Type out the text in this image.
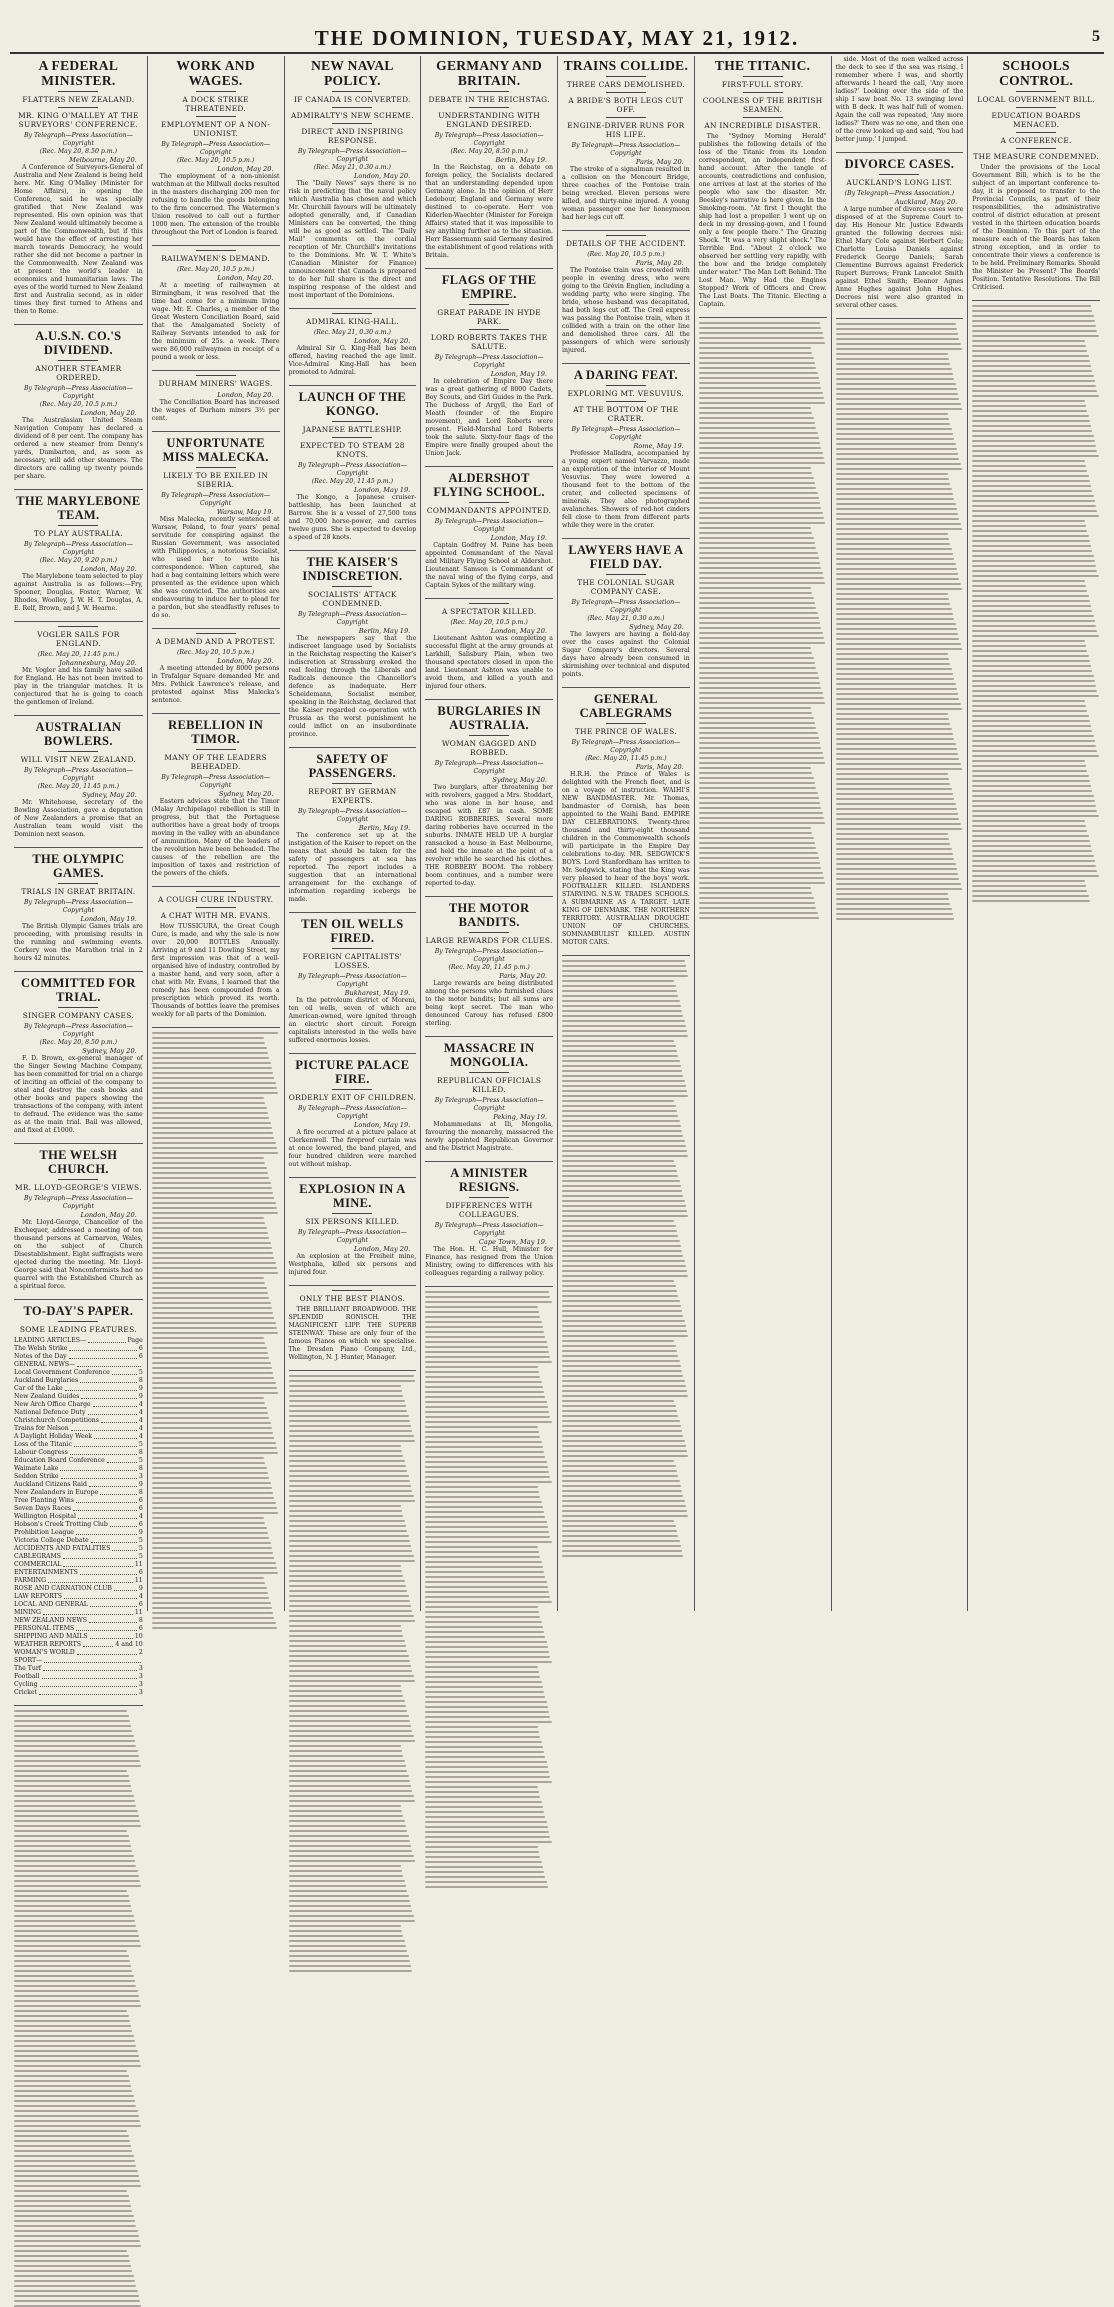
THE DOMINION, TUESDAY, MAY 21, 1912.	5
A FEDERAL MINISTER.
FLATTERS NEW ZEALAND.
MR. KING O'MALLEY AT THE SURVEYORS' CONFERENCE.
By Telegraph—Press Association—Copyright
(Rec. May 20, 8.50 p.m.)
Melbourne, May 20.

A Conference of Surveyors-General of Australia and New Zealand is being held here. Mr. King O'Malley (Minister for Home Affairs), in opening the Conference, said he was specially gratified that New Zealand was represented. His own opinion was that New Zealand would ultimately become a part of the Commonwealth, but if this would have the effect of arresting her march towards Democracy, he would rather she did not become a partner in the Commonwealth. New Zealand was at present the world's leader in economics and humanitarian laws. The eyes of the world turned to New Zealand first and Australia second, as in older times they first turned to Athens and then to Rome.

A.U.S.N. CO.'S DIVIDEND.
ANOTHER STEAMER ORDERED.
By Telegraph—Press Association—Copyright
(Rec. May 20, 10.5 p.m.)
London, May 20.

The Australasian United Steam Navigation Company has declared a dividend of 8 per cent. The company has ordered a new steamer from Denny's yards, Dumbarton, and, as soon as necessary, will add other steamers. The directors are calling up twenty pounds per share.

THE MARYLEBONE TEAM.
TO PLAY AUSTRALIA.
By Telegraph—Press Association—Copyright
(Rec. May 20, 9.20 p.m.)
London, May 20.

The Marylebone team selected to play against Australia is as follows:—Fry, Spooner, Douglas, Foster, Warner, W. Rhodes, Woolley, J. W. H. T. Douglas, A. E. Relf, Brown, and J. W. Hearne.

VOGLER SAILS FOR ENGLAND.
(Rec. May 20, 11.45 p.m.)
Johannesburg, May 20.

Mr. Vogler and his family have sailed for England. He has not been invited to play in the triangular matches. It is conjectured that he is going to coach the gentlemen of Ireland.

AUSTRALIAN BOWLERS.
WILL VISIT NEW ZEALAND.
By Telegraph—Press Association—Copyright
(Rec. May 20, 11.45 p.m.)
Sydney, May 20.

Mr. Whitehouse, secretary of the Bowling Association, gave a deputation of New Zealanders a promise that an Australian team would visit the Dominion next season.

THE OLYMPIC GAMES.
TRIALS IN GREAT BRITAIN.
By Telegraph—Press Association—Copyright
London, May 19.

The British Olympic Games trials are proceeding, with promising results in the running and swimming events. Corkery won the Marathon trial in 2 hours 42 minutes.

COMMITTED FOR TRIAL.
SINGER COMPANY CASES.
By Telegraph—Press Association—Copyright
(Rec. May 20, 8.50 p.m.)
Sydney, May 20.

F. D. Brown, ex-general manager of the Singer Sewing Machine Company, has been committed for trial on a charge of inciting an official of the company to steal and destroy the cash books and other books and papers showing the transactions of the company, with intent to defraud. The evidence was the same as at the main trial. Bail was allowed, and fixed at £1000.

THE WELSH CHURCH.
MR. LLOYD-GEORGE'S VIEWS.
By Telegraph—Press Association—Copyright
London, May 20.

Mr. Lloyd-George, Chancellor of the Exchequer, addressed a meeting of ten thousand persons at Carnarvon, Wales, on the subject of Church Disestablishment. Eight suffragists were ejected during the meeting. Mr. Lloyd-George said that Nonconformists had no quarrel with the Established Church as a spiritual force.

TO-DAY'S PAPER.
SOME LEADING FEATURES.
LEADING ARTICLES—	Page
The Welsh Strike	6
Notes of the Day	6
GENERAL NEWS—
Local Government Conference	5
Auckland Burglaries	8
Car of the Lake	9
New Zealand Guides	9
New Arch Office Charge	4
National Defence Duty	4
Christchurch Competitions	4
Trains for Nelson	4
A Daylight Holiday Week	4
Loss of the Titanic	5
Labour Congress	8
Education Board Conference	5
Waimate Lake	8
Seddon Strike	3
Auckland Citizens Raid	9
New Zealanders in Europe	8
Tree Planting Wins	6
Seven Days Races	6
Wellington Hospital	4
Hobson's Creek Trotting Club	6
Prohibition League	9
Victoria College Debate	5
ACCIDENTS AND FATALITIES	5
CABLEGRAMS	5
COMMERCIAL	11
ENTERTAINMENTS	6
FARMING	11
ROSE AND CARNATION CLUB	9
LAW REPORTS	4
LOCAL AND GENERAL	6
MINING	11
NEW ZEALAND NEWS	8
PERSONAL ITEMS	6
SHIPPING AND MAILS	10
WEATHER REPORTS	4 and 10
WOMAN'S WORLD	2
SPORT—
The Turf	3
Football	3
Cycling	3
Cricket	3
WORK AND WAGES.
A DOCK STRIKE THREATENED.
EMPLOYMENT OF A NON-UNIONIST.
By Telegraph—Press Association—Copyright
(Rec. May 20, 10.5 p.m.)
London, May 20.

The employment of a non-unionist watchman at the Millwall docks resulted in the masters discharging 200 men for refusing to handle the goods belonging to the firm concerned. The Watermen's Union resolved to call out a further 1000 men. The extension of the trouble throughout the Port of London is feared.

RAILWAYMEN'S DEMAND.
(Rec. May 20, 10.5 p.m.)
London, May 20.

At a meeting of railwaymen at Birmingham, it was resolved that the time had come for a minimum living wage. Mr. E. Charles, a member of the Great Western Conciliation Board, said that the Amalgamated Society of Railway Servants intended to ask for the minimum of 25s. a week. There were 86,000 railwaymen in receipt of a pound a week or less.

DURHAM MINERS' WAGES.
London, May 20.

The Conciliation Board has increased the wages of Durham miners 3½ per cent.

UNFORTUNATE MISS MALECKA.
LIKELY TO BE EXILED IN SIBERIA.
By Telegraph—Press Association—Copyright
Warsaw, May 19.

Miss Malecka, recently sentenced at Warsaw, Poland, to four years' penal servitude for conspiring against the Russian Government, was associated with Philippovics, a notorious Socialist, who used her to write his correspondence. When captured, she had a bag containing letters which were presented as the evidence upon which she was convicted. The authorities are endeavouring to induce her to plead for a pardon, but she steadfastly refuses to do so.

A DEMAND AND A PROTEST.
(Rec. May 20, 10.5 p.m.)
London, May 20.

A meeting attended by 8000 persons in Trafalgar Square demanded Mr. and Mrs. Pethick Lawrence's release, and protested against Miss Malecka's sentence.

REBELLION IN TIMOR.
MANY OF THE LEADERS BEHEADED.
By Telegraph—Press Association—Copyright
Sydney, May 20.

Eastern advices state that the Timor (Malay Archipelago) rebellion is still in progress, but that the Portuguese authorities have a great body of troops moving in the valley with an abundance of ammunition. Many of the leaders of the revolution have been beheaded. The causes of the rebellion are the imposition of taxes and restriction of the powers of the chiefs.

A COUGH CURE INDUSTRY.
A CHAT WITH MR. EVANS.

How TUSSICURA, the Great Cough Cure, is made, and why the sale is now over 20,000 BOTTLES Annually. Arriving at 9 and 11 Dowling Street, my first impression was that of a well-organised hive of industry, controlled by a master hand, and very soon, after a chat with Mr. Evans, I learned that the remedy has been compounded from a prescription which proved its worth. Thousands of bottles leave the premises weekly for all parts of the Dominion.

NEW NAVAL POLICY.
IF CANADA IS CONVERTED.
ADMIRALTY'S NEW SCHEME.
DIRECT AND INSPIRING RESPONSE.
By Telegraph—Press Association—Copyright
(Rec. May 21, 0.30 a.m.)
London, May 20.

The "Daily News" says there is no risk in predicting that the naval policy which Australia has chosen and which Mr. Churchill favours will be ultimately adopted generally, and, if Canadian Ministers can be converted, the thing will be as good as settled. The "Daily Mail" comments on the cordial reception of Mr. Churchill's invitations to the Dominions. Mr. W. T. White's (Canadian Minister for Finance) announcement that Canada is prepared to do her full share is the direct and inspiring response of the oldest and most important of the Dominions.

ADMIRAL KING-HALL.
(Rec. May 21, 0.30 a.m.)
London, May 20.

Admiral Sir G. King-Hall has been offered, having reached the age limit. Vice-Admiral King-Hall has been promoted to Admiral.

LAUNCH OF THE KONGO.
JAPANESE BATTLESHIP.
EXPECTED TO STEAM 28 KNOTS.
By Telegraph—Press Association—Copyright
(Rec. May 20, 11.45 p.m.)
London, May 19.

The Kongo, a Japanese cruiser-battleship, has been launched at Barrow. She is a vessel of 27,500 tons and 70,000 horse-power, and carries twelve guns. She is expected to develop a speed of 28 knots.

THE KAISER'S INDISCRETION.
SOCIALISTS' ATTACK CONDEMNED.
By Telegraph—Press Association—Copyright
Berlin, May 19.

The newspapers say that the indiscreet language used by Socialists in the Reichstag respecting the Kaiser's indiscretion at Strassburg evoked the real feeling through the Liberals and Radicals denounce the Chancellor's defence as inadequate. Herr Scheidemann, Socialist member, speaking in the Reichstag, declared that the Kaiser regarded co-operation with Prussia as the worst punishment he could inflict on an insubordinate province.

SAFETY OF PASSENGERS.
REPORT BY GERMAN EXPERTS.
By Telegraph—Press Association—Copyright
Berlin, May 19.

The conference set up at the instigation of the Kaiser to report on the means that should be taken for the safety of passengers at sea has reported. The report includes a suggestion that an international arrangement for the exchange of information regarding icebergs be made.

TEN OIL WELLS FIRED.
FOREIGN CAPITALISTS' LOSSES.
By Telegraph—Press Association—Copyright
Bukharest, May 19.

In the petroleum district of Moreni, ten oil wells, seven of which are American-owned, were ignited through an electric short circuit. Foreign capitalists interested in the wells have suffered enormous losses.

PICTURE PALACE FIRE.
ORDERLY EXIT OF CHILDREN.
By Telegraph—Press Association—Copyright
London, May 19.

A fire occurred at a picture palace at Clerkenwell. The fireproof curtain was at once lowered, the band played, and four hundred children were marched out without mishap.

EXPLOSION IN A MINE.
SIX PERSONS KILLED.
By Telegraph—Press Association—Copyright
London, May 20.

An explosion at the Freiheit mine, Westphalia, killed six persons and injured four.

ONLY THE BEST PIANOS.

THE BRILLIANT BROADWOOD. THE SPLENDID RONISCH. THE MAGNIFICENT LIPP. THE SUPERB STEINWAY. These are only four of the famous Pianos on which we specialise. The Dresden Piano Company, Ltd., Wellington, N. J. Hunter, Manager.

GERMANY AND BRITAIN.
DEBATE IN THE REICHSTAG.
UNDERSTANDING WITH ENGLAND DESIRED.
By Telegraph—Press Association—Copyright
(Rec. May 20, 8.50 p.m.)
Berlin, May 19.

In the Reichstag, on a debate on foreign policy, the Socialists declared that an understanding depended upon Germany alone. In the opinion of Herr Ledebour, England and Germany were destined to co-operate. Herr von Kiderlen-Waechter (Minister for Foreign Affairs) stated that it was impossible to say anything further as to the situation. Herr Bassermann said Germany desired the establishment of good relations with Britain.

FLAGS OF THE EMPIRE.
GREAT PARADE IN HYDE PARK.
LORD ROBERTS TAKES THE SALUTE.
By Telegraph—Press Association—Copyright
London, May 19.

In celebration of Empire Day there was a great gathering of 8000 Cadets, Boy Scouts, and Girl Guides in the Park. The Duchess of Argyll, the Earl of Meath (founder of the Empire movement), and Lord Roberts were present. Field-Marshal Lord Roberts took the salute. Sixty-four flags of the Empire were finally grouped about the Union Jack.

ALDERSHOT FLYING SCHOOL.
COMMANDANTS APPOINTED.
By Telegraph—Press Association—Copyright
London, May 19.

Captain Godfrey M. Paine has been appointed Commandant of the Naval and Military Flying School at Aldershot. Lieutenant Samson is Commandant of the naval wing of the flying corps, and Captain Sykes of the military wing.

A SPECTATOR KILLED.
(Rec. May 20, 10.5 p.m.)
London, May 20.

Lieutenant Ashton was completing a successful flight at the army grounds at Larkhill, Salisbury Plain, when two thousand spectators closed in upon the land. Lieutenant Ashton was unable to avoid them, and killed a youth and injured four others.

BURGLARIES IN AUSTRALIA.
WOMAN GAGGED AND ROBBED.
By Telegraph—Press Association—Copyright
Sydney, May 20.

Two burglars, after threatening her with revolvers, gagged a Mrs. Stoddart, who was alone in her house, and escaped with £87 in cash. SOME DARING ROBBERIES. Several more daring robberies have occurred in the suburbs. INMATE HELD UP. A burglar ransacked a house in East Melbourne, and held the inmate at the point of a revolver while he searched his clothes. THE ROBBERY BOOM. The robbery boom continues, and a number were reported to-day.

THE MOTOR BANDITS.
LARGE REWARDS FOR CLUES.
By Telegraph—Press Association—Copyright
(Rec. May 20, 11.45 p.m.)
Paris, May 20.

Large rewards are being distributed among the persons who furnished clues to the motor bandits; but all sums are being kept secret. The man who denounced Carouy has refused £800 sterling.

MASSACRE IN MONGOLIA.
REPUBLICAN OFFICIALS KILLED.
By Telegraph—Press Association—Copyright
Peking, May 19.

Mohammedans at Ili, Mongolia, favouring the monarchy, massacred the newly appointed Republican Governor and the District Magistrate.

A MINISTER RESIGNS.
DIFFERENCES WITH COLLEAGUES.
By Telegraph—Press Association—Copyright
Cape Town, May 19.

The Hon. H. C. Hull, Minister for Finance, has resigned from the Union Ministry, owing to differences with his colleagues regarding a railway policy.

TRAINS COLLIDE.
THREE CARS DEMOLISHED.
A BRIDE'S BOTH LEGS CUT OFF.
ENGINE-DRIVER RUNS FOR HIS LIFE.
By Telegraph—Press Association—Copyright
Paris, May 20.

The stroke of a signalman resulted in a collision on the Moncourt Bridge, three coaches of the Pontoise train being wrecked. Eleven persons were killed, and thirty-nine injured. A young woman passenger one her honeymoon had her legs cut off.

DETAILS OF THE ACCIDENT.
(Rec. May 20, 10.5 p.m.)
Paris, May 20.

The Pontoise train was crowded with people in evening dress, who were going to the Grévin Englien, including a wedding party, who were singing. The bride, whose husband was decapitated, had both legs cut off. The Creil express was passing the Pontoise train, when it collided with a train on the other line and demolished three cars. All the passengers of which were seriously injured.

A DARING FEAT.
EXPLORING MT. VESUVIUS.
AT THE BOTTOM OF THE CRATER.
By Telegraph—Press Association—Copyright
Rome, May 19.

Professor Malladra, accompanied by a young expert named Varvazzo, made an exploration of the interior of Mount Vesuvius. They were lowered a thousand feet to the bottom of the crater, and collected specimens of minerals. They also photographed avalanches. Showers of red-hot cinders fell close to them from different parts while they were in the crater.

LAWYERS HAVE A FIELD DAY.
THE COLONIAL SUGAR COMPANY CASE.
By Telegraph—Press Association—Copyright
(Rec. May 21, 0.30 a.m.)
Sydney, May 20.

The lawyers are having a field-day over the cases against the Colonial Sugar Company's directors. Several days have already been consumed in skirmishing over technical and disputed points.

GENERAL CABLEGRAMS
THE PRINCE OF WALES.
By Telegraph—Press Association—Copyright
(Rec. May 20, 11.45 p.m.)
Paris, May 20.

H.R.H. the Prince of Wales is delighted with the French fleet, and is on a voyage of instruction. WAIHI'S NEW BANDMASTER. Mr. Thomas, bandmaster of Cornish, has been appointed to the Waihi Band. EMPIRE DAY CELEBRATIONS. Twenty-three thousand and thirty-eight thousand children in the Commonwealth schools will participate in the Empire Day celebrations to-day. MR. SEDGWICK'S BOYS. Lord Stanfordham has written to Mr. Sedgwick, stating that the King was very pleased to hear of the boys' work. FOOTBALLER KILLED. ISLANDERS STARVING. N.S.W. TRADES SCHOOLS. A SUBMARINE AS A TARGET. LATE KING OF DENMARK. THE NORTHERN TERRITORY. AUSTRALIAN DROUGHT. UNION OF CHURCHES. SOMNAMBULIST KILLED. AUSTIN MOTOR CARS.

THE TITANIC.
FIRST-FULL STORY.
COOLNESS OF THE BRITISH SEAMEN.
AN INCREDIBLE DISASTER.

The "Sydney Morning Herald" publishes the following details of the loss of the Titanic from its London correspondent, an independent first-hand account. After the tangle of accounts, contradictions and confusion, one arrives at last at the stories of the people who saw the disaster. Mr. Beesley's narrative is here given. In the Smoking-room. "At first I thought the ship had lost a propeller. I went up on deck in my dressing-gown, and I found only a few people there." The Grazing Shock. "It was a very slight shock." The Terrible End. "About 2 o'clock we observed her settling very rapidly, with the bow and the bridge completely under water." The Man Left Behind. The Lost Man. Why Had the Engines Stopped? Work of Officers and Crew. The Last Boats. The Titanic. Electing a Captain.

side. Most of the men walked across the deck to see if the sea was rising. I remember where I was, and shortly afterwards I heard the call, 'Any more ladies?' Looking over the side of the ship I saw boat No. 13 swinging level with B deck. It was half full of women. Again the call was repeated, 'Any more ladies?' There was no one, and then one of the crew looked up and said, 'You had better jump.' I jumped.

DIVORCE CASES.
AUCKLAND'S LONG LIST.
(By Telegraph—Press Association.)
Auckland, May 20.

A large number of divorce cases were disposed of at the Supreme Court to-day. His Honour Mr. Justice Edwards granted the following decrees nisi: Ethel Mary Cole against Herbert Cole; Charlotte Louisa Daniels against Frederick George Daniels; Sarah Clementine Burrows against Frederick Rupert Burrows; Frank Lancelot Smith against Ethel Smith; Eleanor Agnes Anne Hughes against John Hughes. Decrees nisi were also granted in several other cases.

SCHOOLS CONTROL.
LOCAL GOVERNMENT BILL.
EDUCATION BOARDS MENACED.
A CONFERENCE.
THE MEASURE CONDEMNED.

Under the provisions of the Local Government Bill, which is to be the subject of an important conference to-day, it is proposed to transfer to the Provincial Councils, as part of their responsibilities, the administrative control of district education at present vested in the thirteen education boards of the Dominion. To this part of the measure each of the Boards has taken strong exception, and in order to concentrate their views a conference is to be held. Preliminary Remarks. Should the Minister be Present? The Boards' Position. Tentative Resolutions. The Bill Criticised.
